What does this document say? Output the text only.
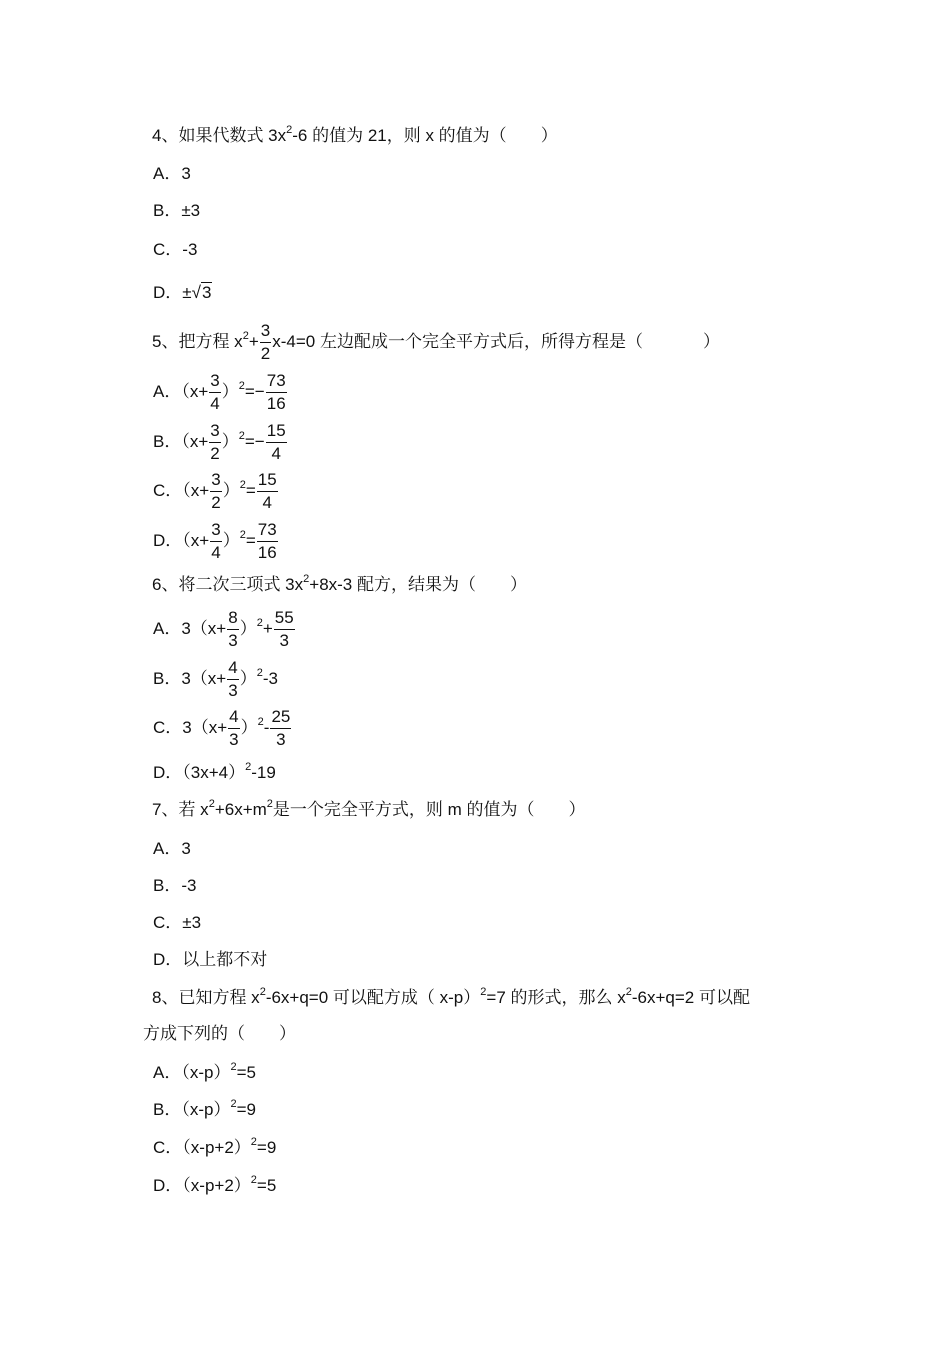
4、如果代数式 $3x^2-6$ 的值为 21，则 x 的值为（ ）
A．3
B．±3
C．-3
D．±√3
5、把方程 $x^2+ \frac{3}{2} x-4=0$ 左边配成一个完全平方式后，所得方程是（	）
A．$(x+ \frac{3}{4} )^2=- \frac{73}{16}$
B．$(x+ \frac{3}{2} )^2=- \frac{15}{4}$
C．$(x+ \frac{3}{2} )^2= \frac{15}{4}$
D．$(x+ \frac{3}{4} )^2= \frac{73}{16}$
6、将二次三项式 $3x^2+8x-3$ 配方，结果为（ ）
A．$3(x+ \frac{8}{3} )^2+ \frac{55}{3}$
B．$3(x+ \frac{4}{3} )^2-3$
C．$3(x+ \frac{4}{3} )^2- \frac{25}{3}$
D．$(3x+4)^2-19$
7、若 $x^2+6x+m^2$是一个完全平方式，则 m 的值为（ ）
A．3
B．-3
C．±3
D．以上都不对
8、已知方程 $x^2-6x+q=0$ 可以配方成（ x-p）$^2$=7 的形式，那么 $x^2-6x+q=2$ 可以配
方成下列的（ ）
A．$(x-p)^2=5$
B．$(x-p)^2=9$
C．$(x-p+2)^2=9$
D．$(x-p+2)^2=5$
